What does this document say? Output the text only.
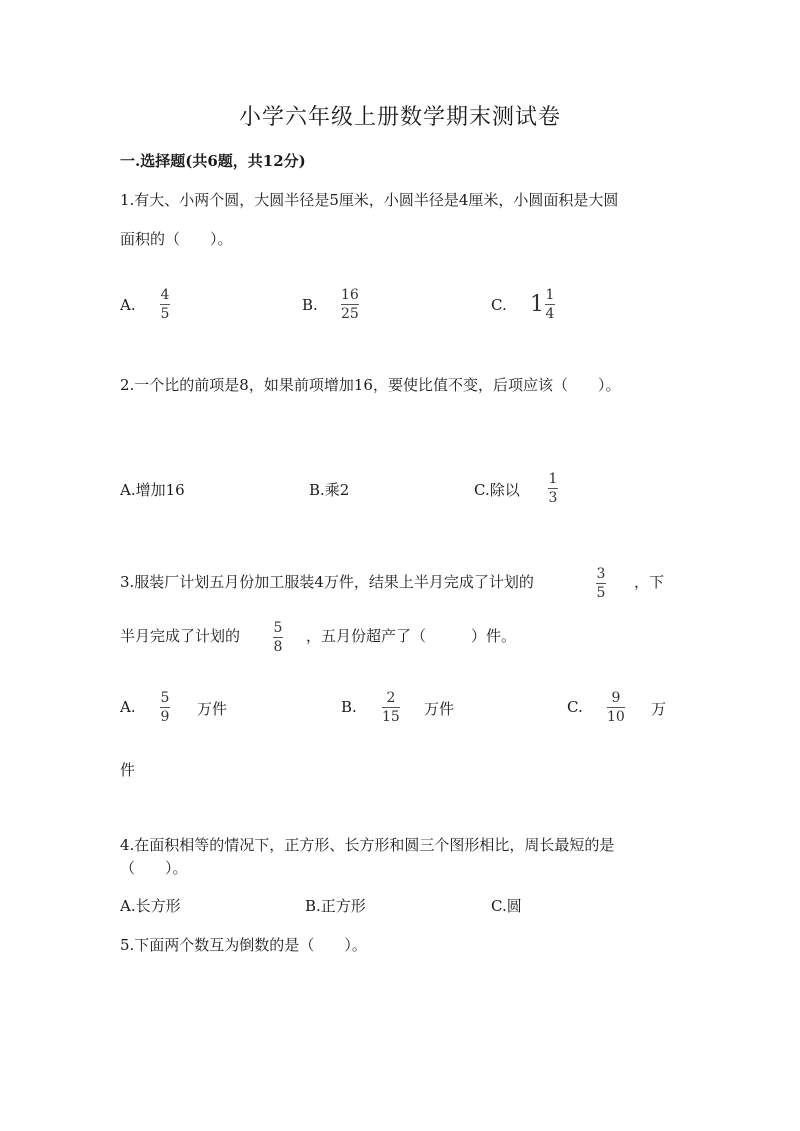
小学六年级上册数学期末测试卷
一.选择题(共6题，共12分)
1.有大、小两个圆，大圆半径是5厘米，小圆半径是4厘米，小圆面积是大圆
面积的（　　）。
A.
4
5	B.
16
25	C. $1 \frac{1}{4}$
2.一个比的前项是8，如果前项增加16，要使比值不变，后项应该（　　）。
A.增加16	B.乘2	C.除以
1
3
3.服装厂计划五月份加工服装4万件，结果上半月完成了计划的	3
5
，下
半月完成了计划的 5
8
，五月份超产了（　　　）件。
A. 5
9 万件	B. 2
15 万件	C. 9
10 万
件
4.在面积相等的情况下，正方形、长方形和圆三个图形相比，周长最短的是
（　　）。
A.长方形	B.正方形	C.圆
5.下面两个数互为倒数的是（　　）。
